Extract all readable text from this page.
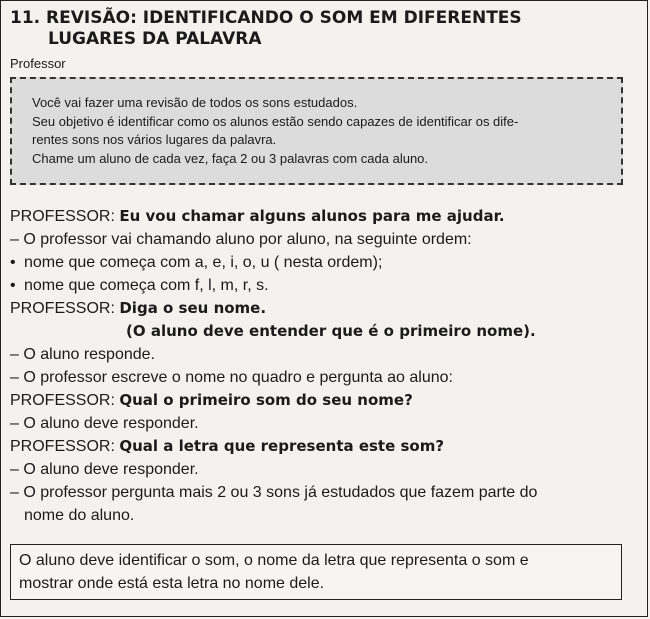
11. REVISÃO: IDENTIFICANDO O SOM EM DIFERENTES
LUGARES DA PALAVRA
Professor

Você vai fazer uma revisão de todos os sons estudados.

Seu objetivo é identificar como os alunos estão sendo capazes de identificar os dife-

rentes sons nos vários lugares da palavra.

Chame um aluno de cada vez, faça 2 ou 3 palavras com cada aluno.

PROFESSOR: Eu vou chamar alguns alunos para me ajudar.
– O professor vai chamando aluno por aluno, na seguinte ordem:
• nome que começa com a, e, i, o, u ( nesta ordem);
• nome que começa com f, l, m, r, s.
PROFESSOR: Diga o seu nome.
(O aluno deve entender que é o primeiro nome).
– O aluno responde.
– O professor escreve o nome no quadro e pergunta ao aluno:
PROFESSOR: Qual o primeiro som do seu nome?
– O aluno deve responder.
PROFESSOR: Qual a letra que representa este som?
– O aluno deve responder.
– O professor pergunta mais 2 ou 3 sons já estudados que fazem parte do
nome do aluno.
O aluno deve identificar o som, o nome da letra que representa o som e
mostrar onde está esta letra no nome dele.
